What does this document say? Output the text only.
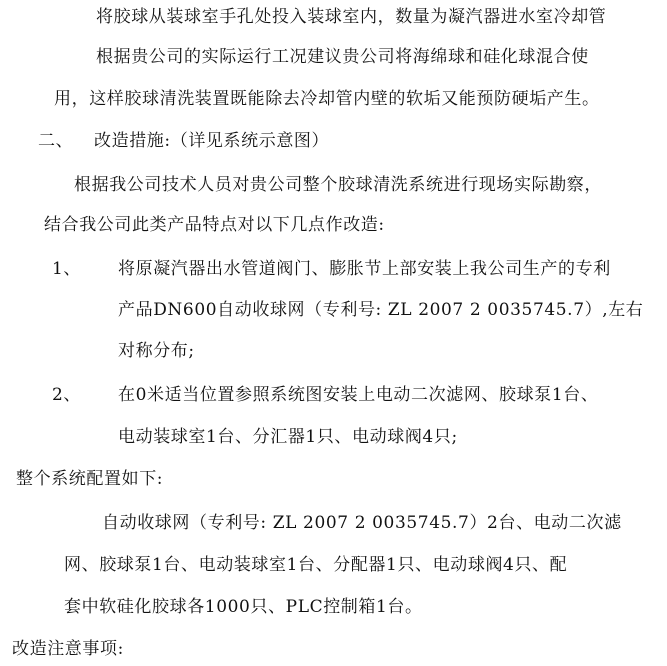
将胶球从装球室手孔处投入装球室内，数量为凝汽器进水室冷却管
根据贵公司的实际运行工况建议贵公司将海绵球和硅化球混合使
用，这样胶球清洗装置既能除去冷却管内壁的软垢又能预防硬垢产生。
二、 改造措施:（详见系统示意图）
根据我公司技术人员对贵公司整个胶球清洗系统进行现场实际勘察，
结合我公司此类产品特点对以下几点作改造:
1、 将原凝汽器出水管道阀门、膨胀节上部安装上我公司生产的专利
产品DN600自动收球网（专利号: ZL 2007 2 0035745.7）,左右
对称分布;
2、 在0米适当位置参照系统图安装上电动二次滤网、胶球泵1台、
电动装球室1台、分汇器1只、电动球阀4只;
整个系统配置如下:
自动收球网（专利号: ZL 2007 2 0035745.7）2台、电动二次滤
网、胶球泵1台、电动装球室1台、分配器1只、电动球阀4只、配
套中软硅化胶球各1000只、PLC控制箱1台。
改造注意事项:
